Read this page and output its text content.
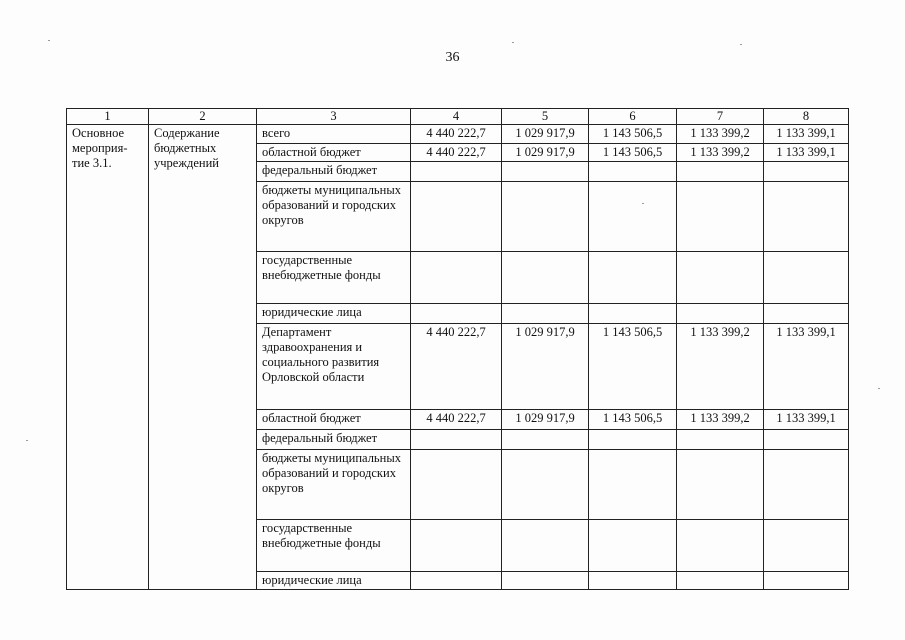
36
1	2	3	4	5	6	7	8
Основное мероприя-тие 3.1.	Содержание бюджетных учреждений	всего	4 440 222,7	1 029 917,9	1 143 506,5	1 133 399,2	1 133 399,1
		областной бюджет	4 440 222,7	1 029 917,9	1 143 506,5	1 133 399,2	1 133 399,1
		федеральный бюджет					
		бюджеты муниципальных образований и городских округов					
		государственные внебюджетные фонды					
		юридические лица					
		Департамент здравоохранения и социального развития Орловской области	4 440 222,7	1 029 917,9	1 143 506,5	1 133 399,2	1 133 399,1
		областной бюджет	4 440 222,7	1 029 917,9	1 143 506,5	1 133 399,2	1 133 399,1
		федеральный бюджет					
		бюджеты муниципальных образований и городских округов					
		государственные внебюджетные фонды					
		юридические лица					
